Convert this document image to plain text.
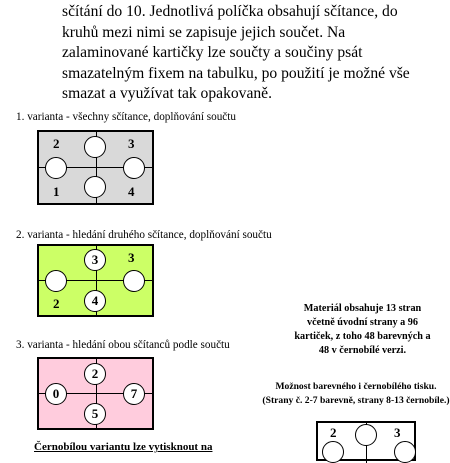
sčítání do 10. Jednotlivá políčka obsahují sčítance, do
kruhů mezi nimi se zapisuje jejich součet. Na
zalaminované kartičky lze součty a součiny psát
smazatelným fixem na tabulku, po použití je možné vše
smazat a využívat tak opakovaně.
1. varianta - všechny sčítance, doplňování součtu
2	3
1	4
2. varianta - hledání druhého sčítance, doplňování součtu
3
2
3
4
3. varianta - hledání obou sčítanců podle součtu
2
0	7
5
Materiál obsahuje 13 stran
včetně úvodní strany a 96
kartiček, z toho 48 barevných a
48 v černobílé verzi.
Možnost barevného i černobílého tisku.
(Strany č. 2-7 barevně, strany 8-13 černobíle.)
2	3
Černobílou variantu lze vytisknout na
